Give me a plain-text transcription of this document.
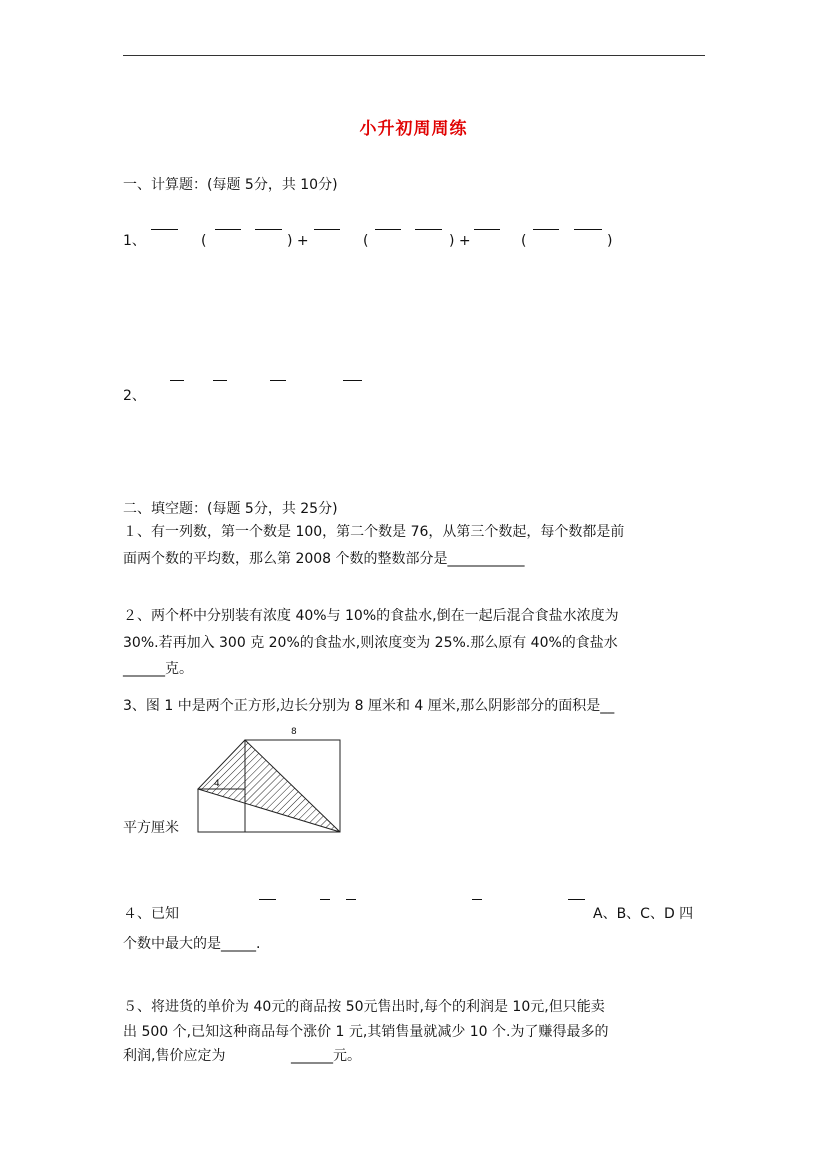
小升初周周练
一、计算题：(每题 5分，共 10分)
1、	(	) +	(	) +	(	)
2、
二、填空题：(每题 5分，共 25分)
１、有一列数，第一个数是 100，第二个数是 76，从第三个数起，每个数都是前
面两个数的平均数，那么第 2008 个数的整数部分是___________
２、两个杯中分别装有浓度 40%与 10%的食盐水,倒在一起后混合食盐水浓度为
30%.若再加入 300 克 20%的食盐水,则浓度变为 25%.那么原有 40%的食盐水
______克。
3、图 1 中是两个正方形,边长分别为 8 厘米和 4 厘米,那么阴影部分的面积是__
4
8
平方厘米
４、已知	A、B、C、D 四
个数中最大的是_____.
５、将进货的单价为 40元的商品按 50元售出时,每个的利润是 10元,但只能卖
出 500 个,已知这种商品每个涨价 1 元,其销售量就减少 10 个.为了赚得最多的
利润,售价应定为	______元。
